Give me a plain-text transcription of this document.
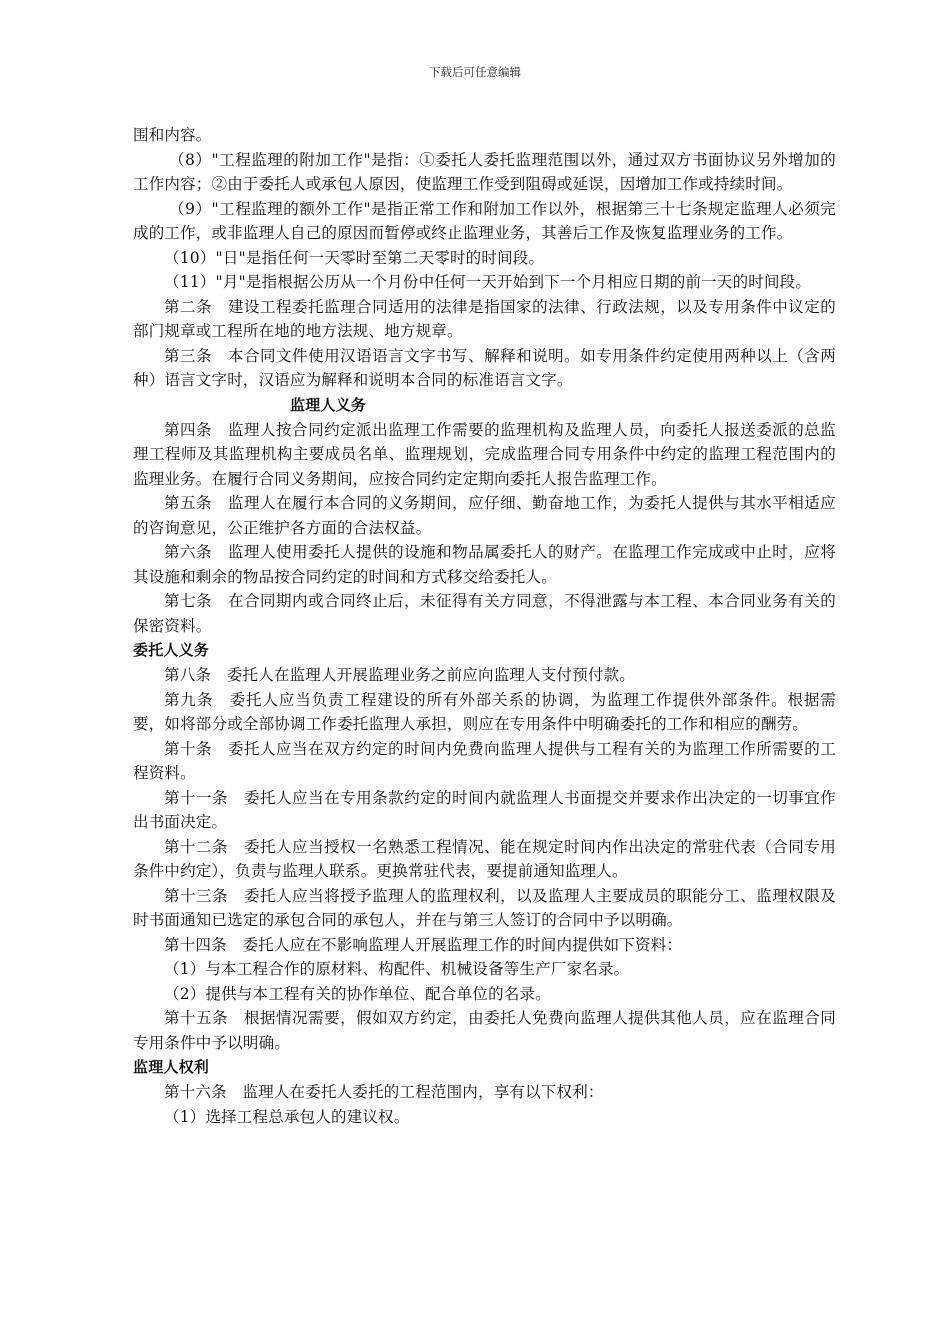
下载后可任意编辑

围和内容。

（8）"工程监理的附加工作"是指：①委托人委托监理范围以外，通过双方书面协议另外增加的工作内容；②由于委托人或承包人原因，使监理工作受到阻碍或延误，因增加工作或持续时间。

（9）"工程监理的额外工作"是指正常工作和附加工作以外，根据第三十七条规定监理人必须完成的工作，或非监理人自己的原因而暂停或终止监理业务，其善后工作及恢复监理业务的工作。

（10）"日"是指任何一天零时至第二天零时的时间段。

（11）"月"是指根据公历从一个月份中任何一天开始到下一个月相应日期的前一天的时间段。

第二条　建设工程委托监理合同适用的法律是指国家的法律、行政法规，以及专用条件中议定的部门规章或工程所在地的地方法规、地方规章。

第三条　本合同文件使用汉语语言文字书写、解释和说明。如专用条件约定使用两种以上（含两种）语言文字时，汉语应为解释和说明本合同的标准语言文字。

监理人义务

第四条　监理人按合同约定派出监理工作需要的监理机构及监理人员，向委托人报送委派的总监理工程师及其监理机构主要成员名单、监理规划，完成监理合同专用条件中约定的监理工程范围内的监理业务。在履行合同义务期间，应按合同约定定期向委托人报告监理工作。

第五条　监理人在履行本合同的义务期间，应仔细、勤奋地工作，为委托人提供与其水平相适应的咨询意见，公正维护各方面的合法权益。

第六条　监理人使用委托人提供的设施和物品属委托人的财产。在监理工作完成或中止时，应将其设施和剩余的物品按合同约定的时间和方式移交给委托人。

第七条　在合同期内或合同终止后，未征得有关方同意，不得泄露与本工程、本合同业务有关的保密资料。

委托人义务

第八条　委托人在监理人开展监理业务之前应向监理人支付预付款。

第九条　委托人应当负责工程建设的所有外部关系的协调，为监理工作提供外部条件。根据需要，如将部分或全部协调工作委托监理人承担，则应在专用条件中明确委托的工作和相应的酬劳。

第十条　委托人应当在双方约定的时间内免费向监理人提供与工程有关的为监理工作所需要的工程资料。

第十一条　委托人应当在专用条款约定的时间内就监理人书面提交并要求作出决定的一切事宜作出书面决定。

第十二条　委托人应当授权一名熟悉工程情况、能在规定时间内作出决定的常驻代表（合同专用条件中约定），负责与监理人联系。更换常驻代表，要提前通知监理人。

第十三条　委托人应当将授予监理人的监理权利，以及监理人主要成员的职能分工、监理权限及时书面通知已选定的承包合同的承包人，并在与第三人签订的合同中予以明确。

第十四条　委托人应在不影响监理人开展监理工作的时间内提供如下资料：

（1）与本工程合作的原材料、构配件、机械设备等生产厂家名录。

（2）提供与本工程有关的协作单位、配合单位的名录。

第十五条　根据情况需要，假如双方约定，由委托人免费向监理人提供其他人员，应在监理合同专用条件中予以明确。

监理人权利

第十六条　监理人在委托人委托的工程范围内，享有以下权利：

（1）选择工程总承包人的建议权。
